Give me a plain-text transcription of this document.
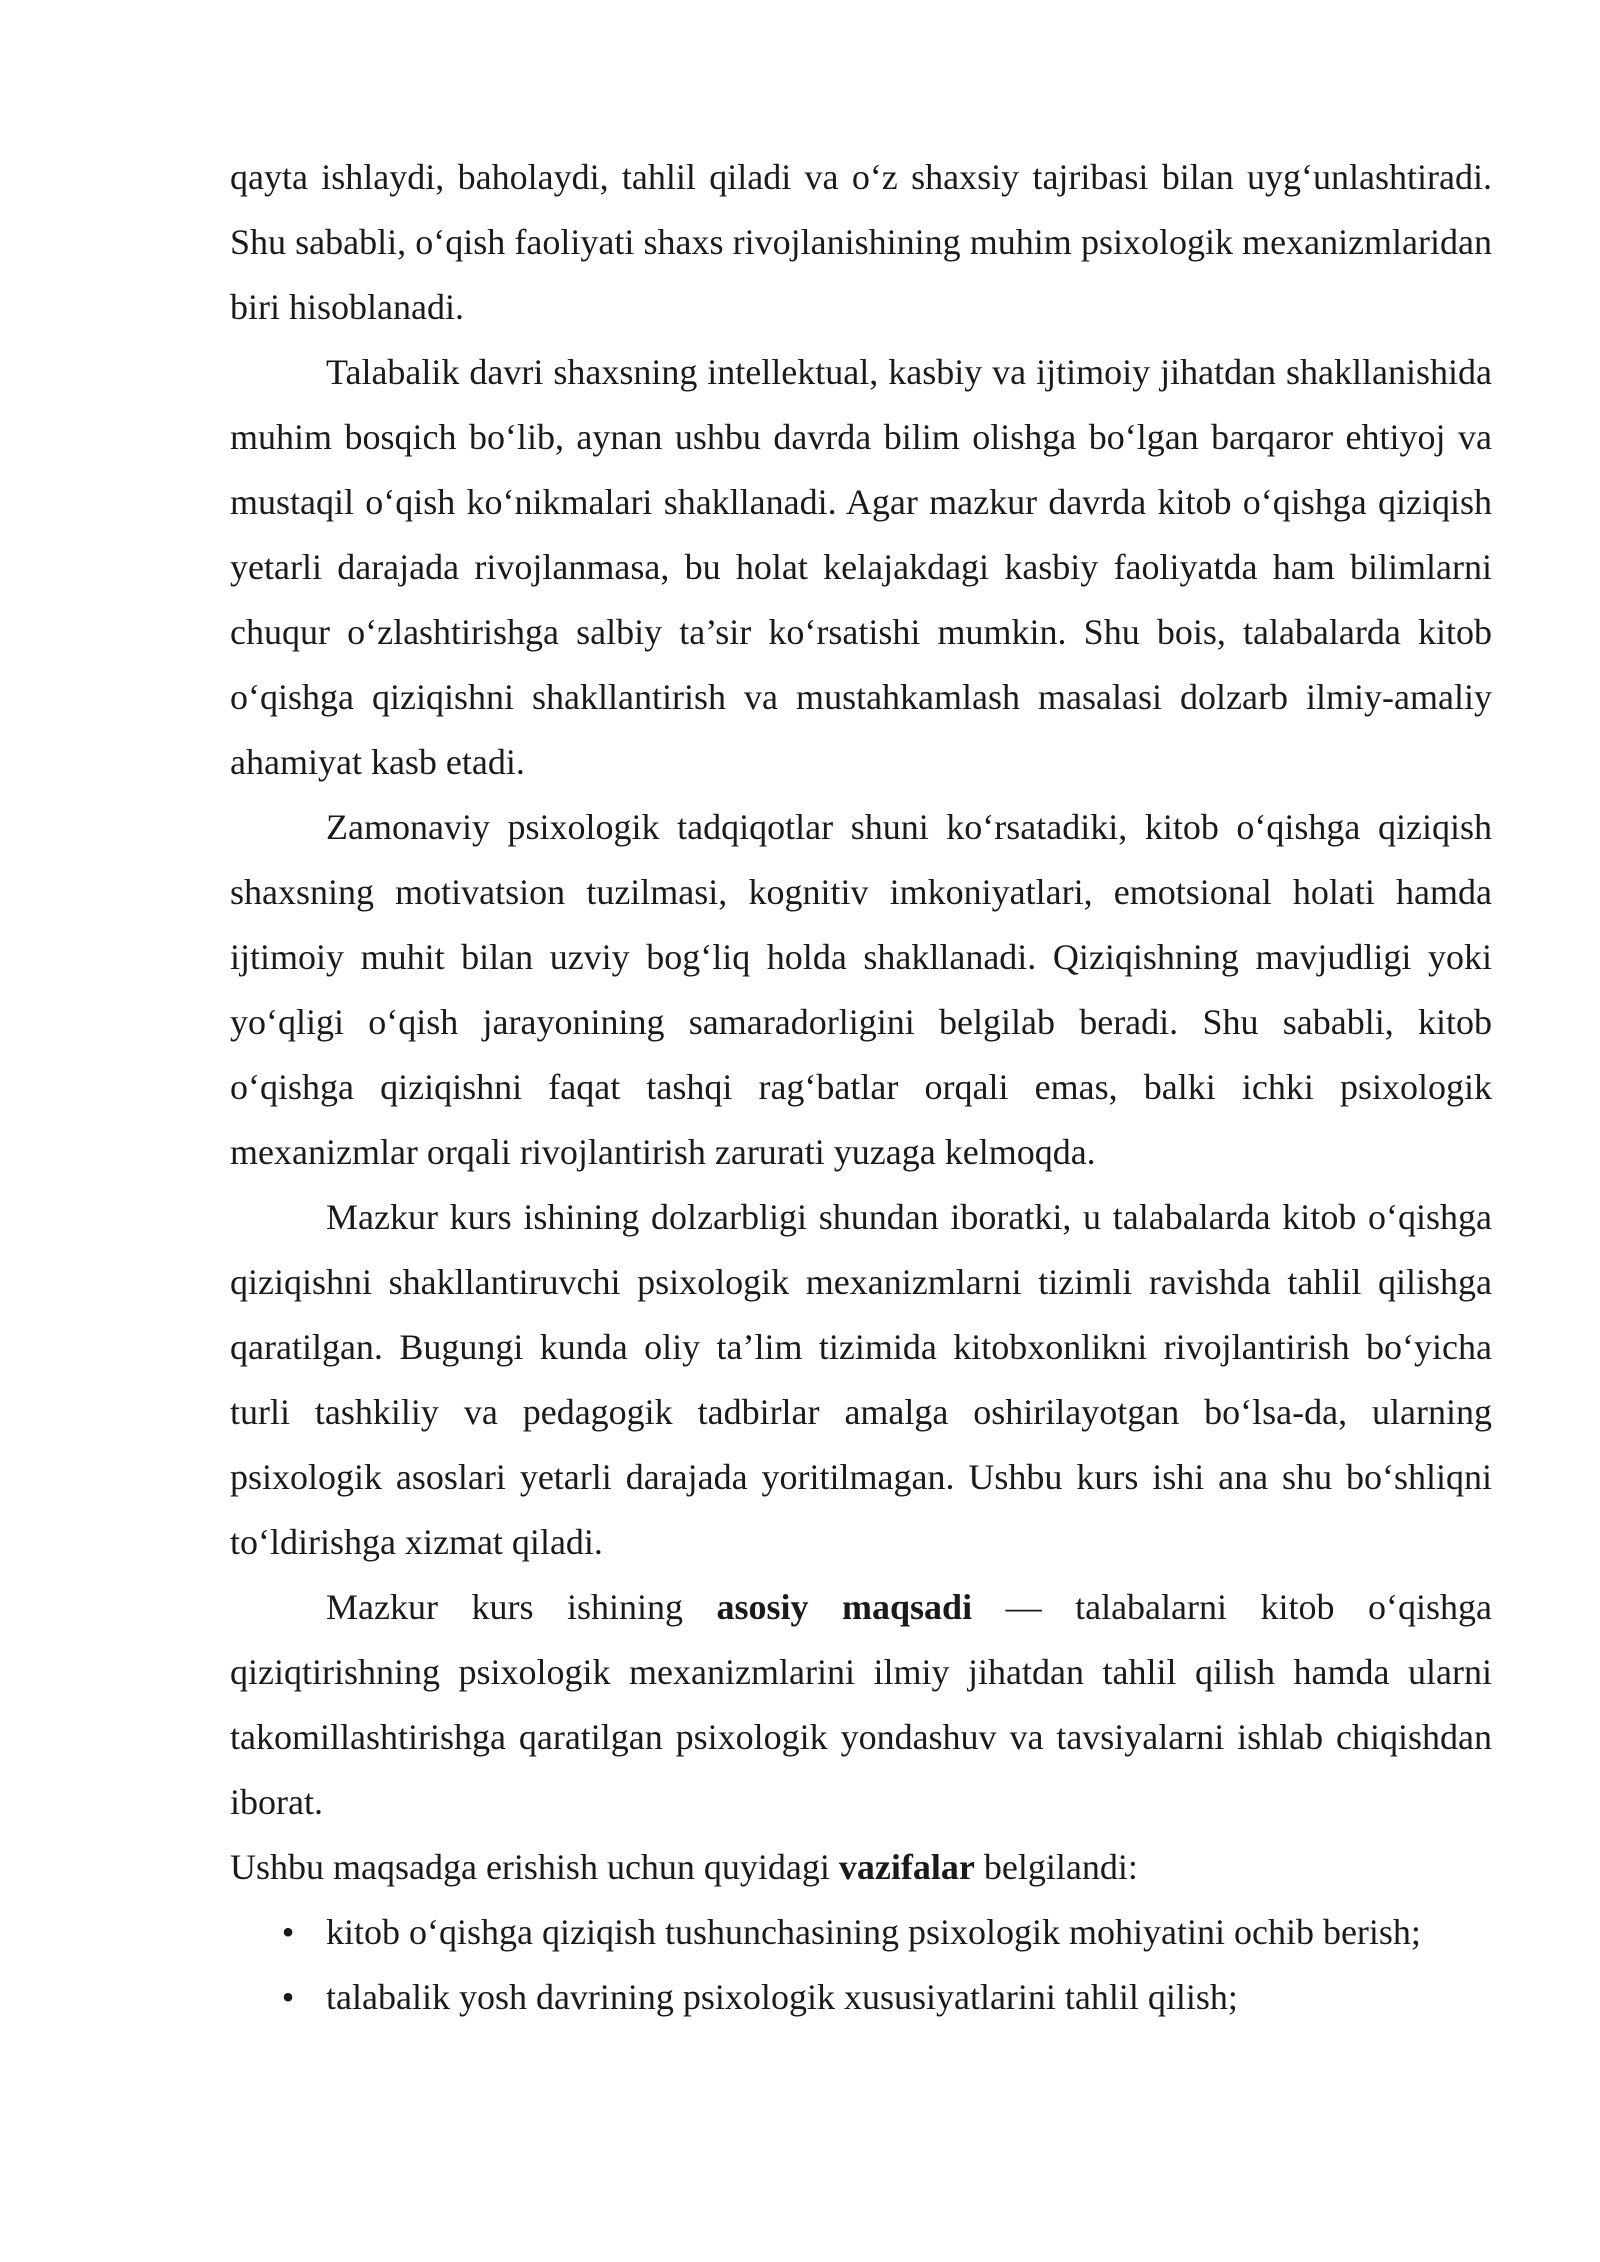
qayta ishlaydi, baholaydi, tahlil qiladi va o‘z shaxsiy tajribasi bilan uyg‘unlashtiradi. Shu sababli, o‘qish faoliyati shaxs rivojlanishining muhim psixologik mexanizmlaridan biri hisoblanadi.

Talabalik davri shaxsning intellektual, kasbiy va ijtimoiy jihatdan shakllanishida muhim bosqich bo‘lib, aynan ushbu davrda bilim olishga bo‘lgan barqaror ehtiyoj va mustaqil o‘qish ko‘nikmalari shakllanadi. Agar mazkur davrda kitob o‘qishga qiziqish yetarli darajada rivojlanmasa, bu holat kelajakdagi kasbiy faoliyatda ham bilimlarni chuqur o‘zlashtirishga salbiy ta’sir ko‘rsatishi mumkin. Shu bois, talabalarda kitob o‘qishga qiziqishni shakllantirish va mustahkamlash masalasi dolzarb ilmiy-amaliy ahamiyat kasb etadi.

Zamonaviy psixologik tadqiqotlar shuni ko‘rsatadiki, kitob o‘qishga qiziqish shaxsning motivatsion tuzilmasi, kognitiv imkoniyatlari, emotsional holati hamda ijtimoiy muhit bilan uzviy bog‘liq holda shakllanadi. Qiziqishning mavjudligi yoki yo‘qligi o‘qish jarayonining samaradorligini belgilab beradi. Shu sababli, kitob o‘qishga qiziqishni faqat tashqi rag‘batlar orqali emas, balki ichki psixologik mexanizmlar orqali rivojlantirish zarurati yuzaga kelmoqda.

Mazkur kurs ishining dolzarbligi shundan iboratki, u talabalarda kitob o‘qishga qiziqishni shakllantiruvchi psixologik mexanizmlarni tizimli ravishda tahlil qilishga qaratilgan. Bugungi kunda oliy ta’lim tizimida kitobxonlikni rivojlantirish bo‘yicha turli tashkiliy va pedagogik tadbirlar amalga oshirilayotgan bo‘lsa-da, ularning psixologik asoslari yetarli darajada yoritilmagan. Ushbu kurs ishi ana shu bo‘shliqni to‘ldirishga xizmat qiladi.

Mazkur kurs ishining asosiy maqsadi — talabalarni kitob o‘qishga qiziqtirishning psixologik mexanizmlarini ilmiy jihatdan tahlil qilish hamda ularni takomillashtirishga qaratilgan psixologik yondashuv va tavsiyalarni ishlab chiqishdan iborat.

Ushbu maqsadga erishish uchun quyidagi vazifalar belgilandi:

• kitob o‘qishga qiziqish tushunchasining psixologik mohiyatini ochib berish;
• talabalik yosh davrining psixologik xususiyatlarini tahlil qilish;
